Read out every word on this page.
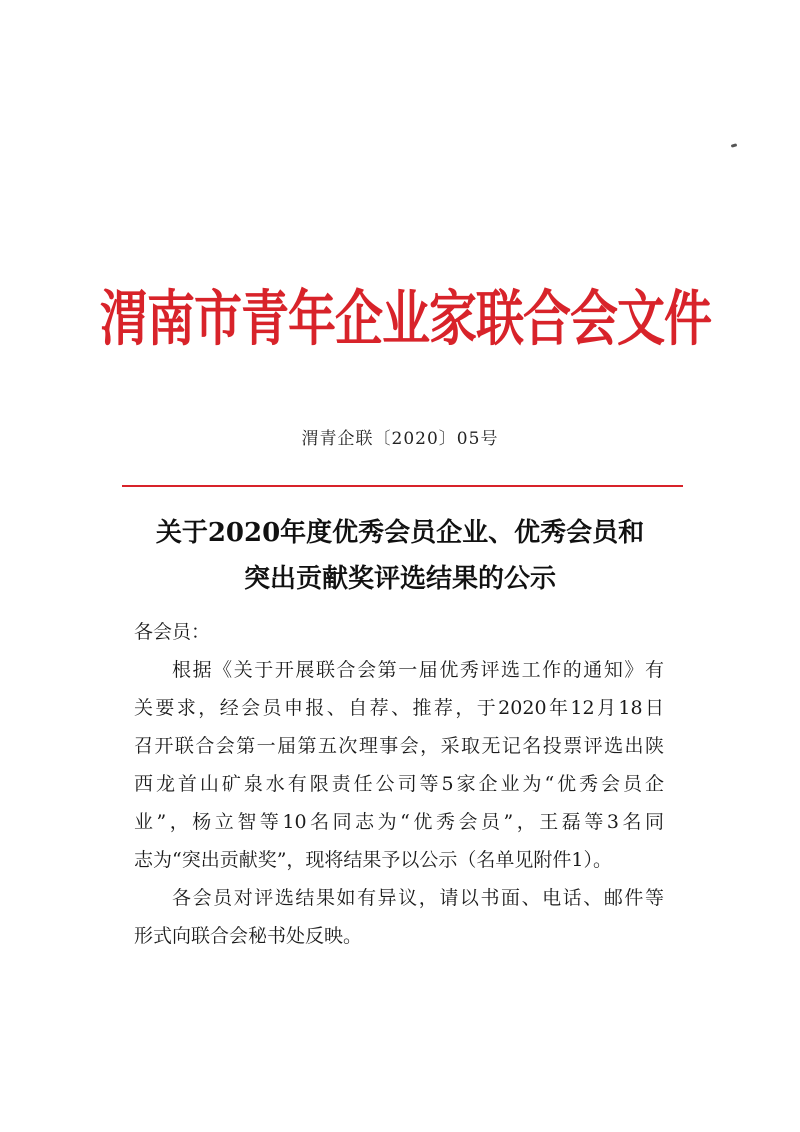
渭南市青年企业家联合会文件
渭青企联〔2020〕05号
关于2020年度优秀会员企业、优秀会员和
突出贡献奖评选结果的公示
各会员：
根据《关于开展联合会第一届优秀评选工作的通知》有
关要求，经会员申报、自荐、推荐，于2020年12月18日
召开联合会第一届第五次理事会，采取无记名投票评选出陕
西龙首山矿泉水有限责任公司等5家企业为“优秀会员企
业”，杨立智等10名同志为“优秀会员”，王磊等3名同
志为“突出贡献奖”，现将结果予以公示（名单见附件1）。
各会员对评选结果如有异议，请以书面、电话、邮件等
形式向联合会秘书处反映。
